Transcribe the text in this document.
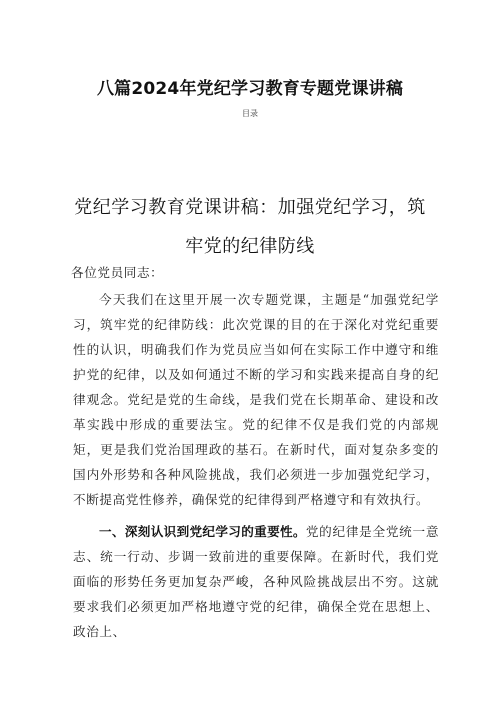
八篇2024年党纪学习教育专题党课讲稿
目录
党纪学习教育党课讲稿：加强党纪学习，筑
牢党的纪律防线
各位党员同志：

今天我们在这里开展一次专题党课，主题是“加强党纪学习，筑牢党的纪律防线：此次党课的目的在于深化对党纪重要性的认识，明确我们作为党员应当如何在实际工作中遵守和维护党的纪律，以及如何通过不断的学习和实践来提高自身的纪律观念。党纪是党的生命线，是我们党在长期革命、建设和改革实践中形成的重要法宝。党的纪律不仅是我们党的内部规矩，更是我们党治国理政的基石。在新时代，面对复杂多变的国内外形势和各种风险挑战，我们必须进一步加强党纪学习，不断提高党性修养，确保党的纪律得到严格遵守和有效执行。

一、深刻认识到党纪学习的重要性。党的纪律是全党统一意志、统一行动、步调一致前进的重要保障。在新时代，我们党面临的形势任务更加复杂严峻，各种风险挑战层出不穷。这就要求我们必须更加严格地遵守党的纪律，确保全党在思想上、政治上、
